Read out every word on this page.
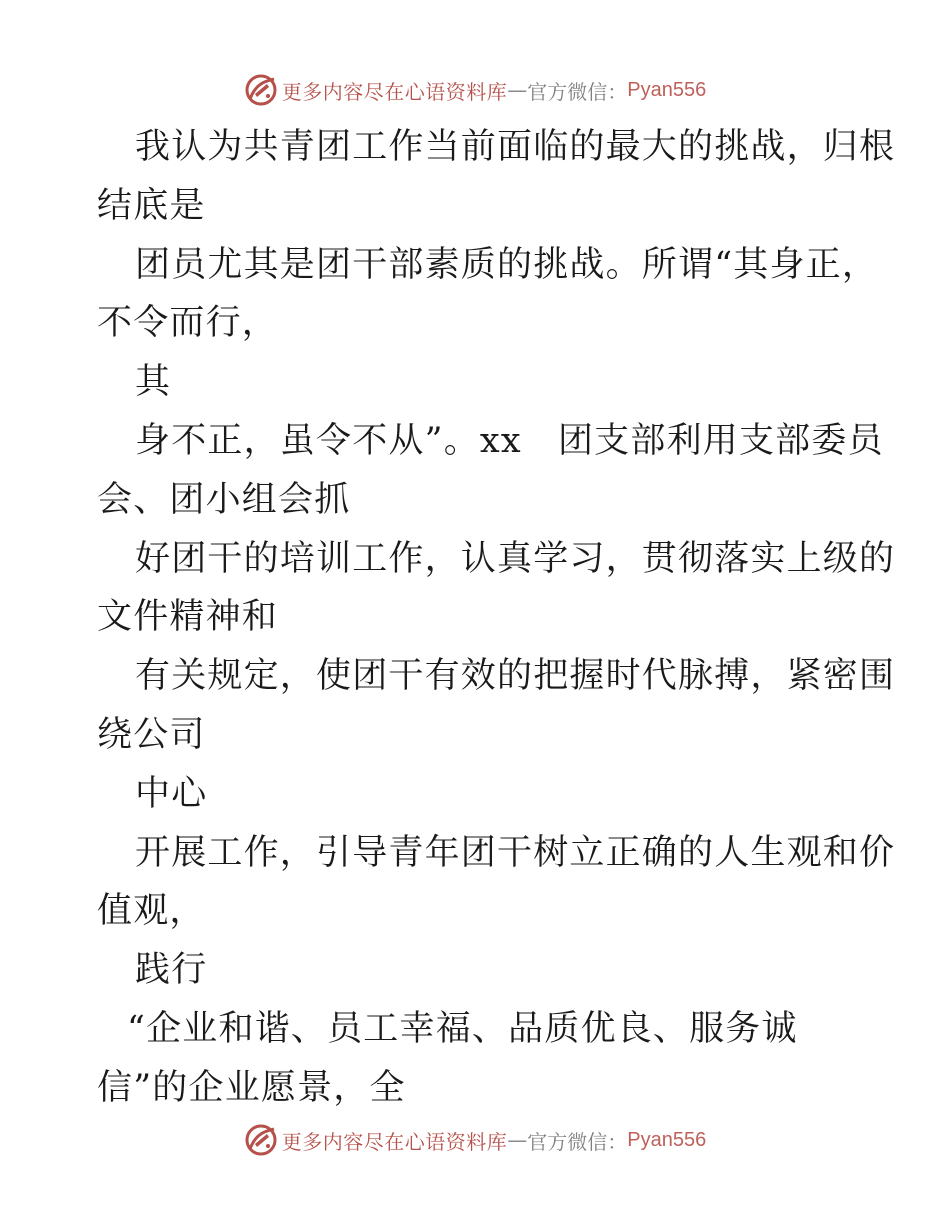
更多内容尽在心语资料库 — 官方微信： Pyan556
我认为共青团工作当前面临的最大的挑战，归根
结底是
团员尤其是团干部素质的挑战。所谓“其身正，
不令而行，
其
身不正，虽令不从”。xx　团支部利用支部委员
会、团小组会抓
好团干的培训工作，认真学习，贯彻落实上级的
文件精神和
有关规定，使团干有效的把握时代脉搏，紧密围
绕公司
中心
开展工作，引导青年团干树立正确的人生观和价
值观，
践行
“企业和谐、员工幸福、品质优良、服务诚
信”的企业愿景，全
更多内容尽在心语资料库 — 官方微信： Pyan556
